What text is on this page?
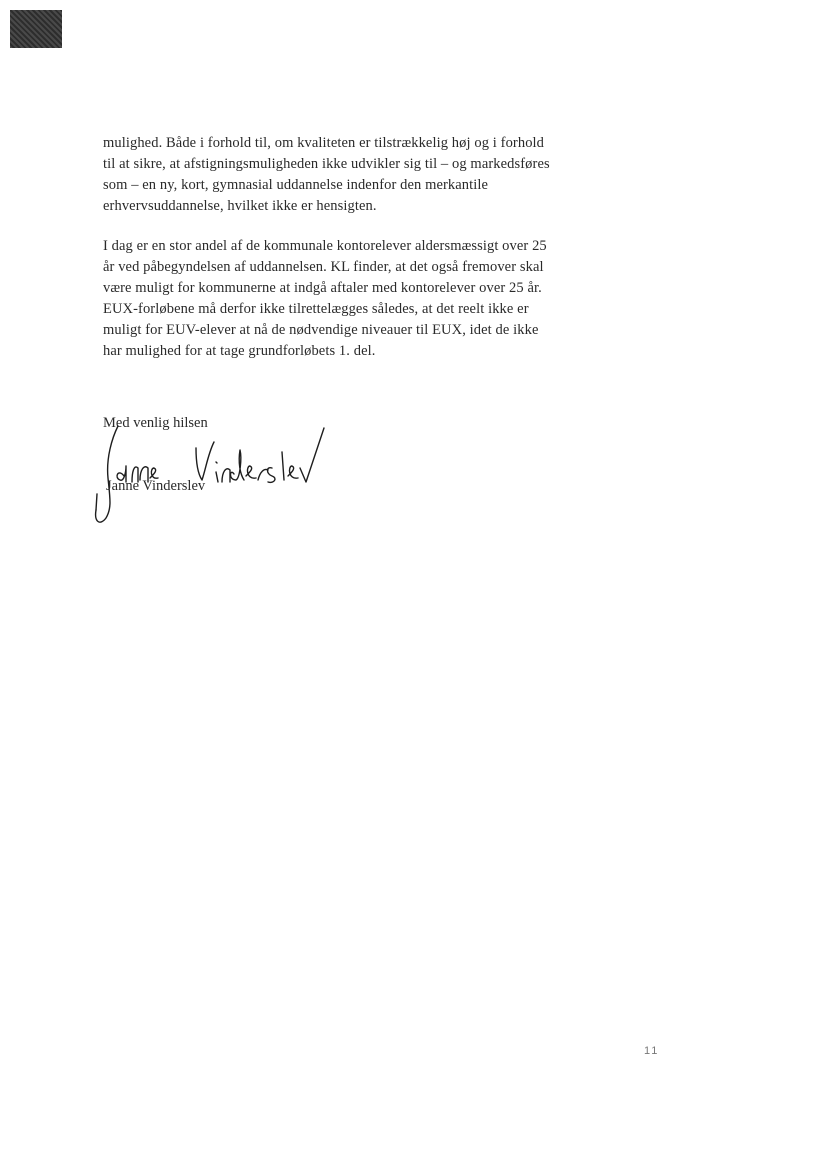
mulighed. Både i forhold til, om kvaliteten er tilstrækkelig høj og i forhold
til at sikre, at afstigningsmuligheden ikke udvikler sig til – og markedsføres
som – en ny, kort, gymnasial uddannelse indenfor den merkantile
erhvervsuddannelse, hvilket ikke er hensigten.

I dag er en stor andel af de kommunale kontorelever aldersmæssigt over 25
år ved påbegyndelsen af uddannelsen. KL finder, at det også fremover skal
være muligt for kommunerne at indgå aftaler med kontorelever over 25 år.
EUX-forløbene må derfor ikke tilrettelægges således, at det reelt ikke er
muligt for EUV-elever at nå de nødvendige niveauer til EUX, idet de ikke
har mulighed for at tage grundforløbets 1. del.

Med venlig hilsen

Janne Vinderslev

11
